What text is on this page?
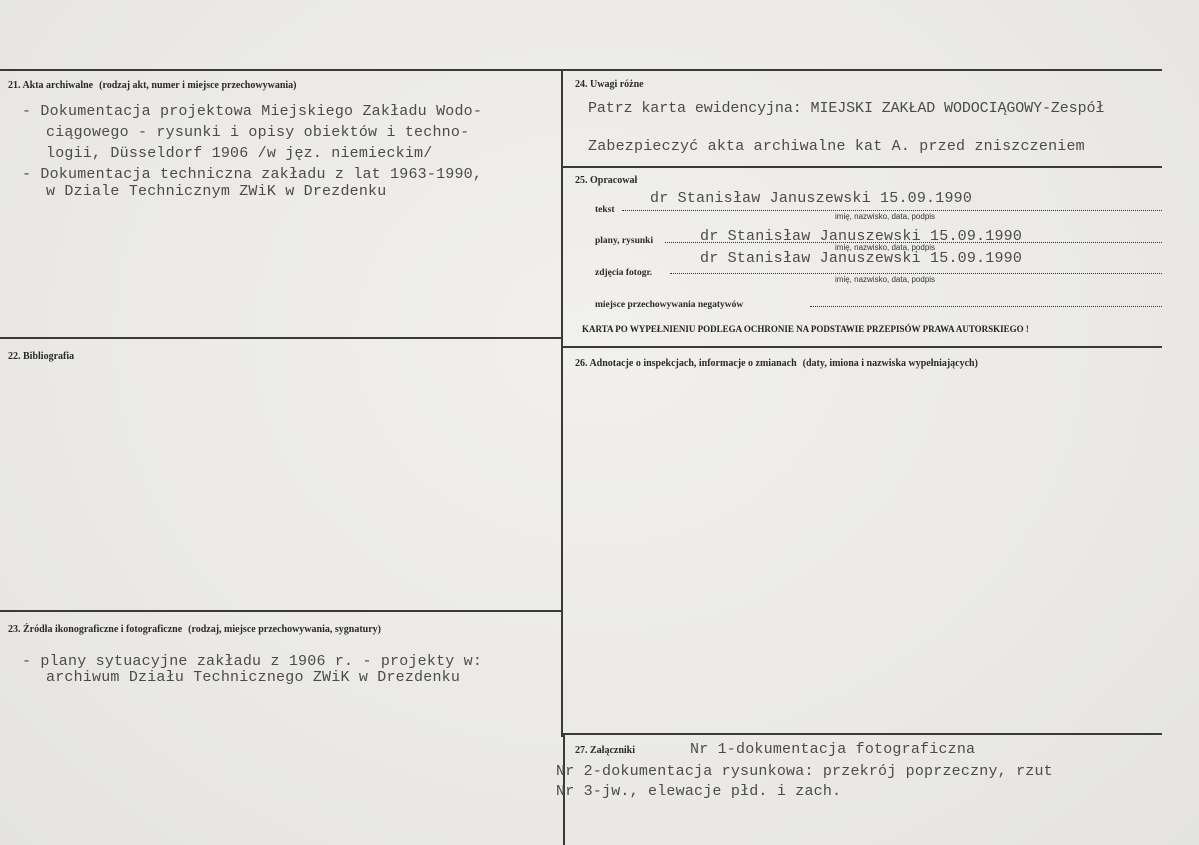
21. Akta archiwalne (rodzaj akt, numer i miejsce przechowywania)
- Dokumentacja projektowa Miejskiego Zakładu Wodo-
ciągowego - rysunki i opisy obiektów i techno-
logii, Düsseldorf 1906 /w jęz. niemieckim/
- Dokumentacja techniczna zakładu z lat 1963-1990,
w Dziale Technicznym ZWiK w Drezdenku
22. Bibliografia
23. Źródła ikonograficzne i fotograficzne (rodzaj, miejsce przechowywania, sygnatury)
- plany sytuacyjne zakładu z 1906 r. - projekty w:
archiwum Działu Technicznego ZWiK w Drezdenku
24. Uwagi różne
Patrz karta ewidencyjna: MIEJSKI ZAKŁAD WODOCIĄGOWY-Zespół
Zabezpieczyć akta archiwalne kat A. przed zniszczeniem
25. Opracował
tekst
dr Stanisław Januszewski 15.09.1990
imię, nazwisko, data, podpis
plany, rysunki	dr Stanisław Januszewski 15.09.1990
imię, nazwisko, data, podpis
dr Stanisław Januszewski 15.09.1990
zdjęcia fotogr.
imię, nazwisko, data, podpis
miejsce przechowywania negatywów
KARTA PO WYPEŁNIENIU PODLEGA OCHRONIE NA PODSTAWIE PRZEPISÓW PRAWA AUTORSKIEGO !
26. Adnotacje o inspekcjach, informacje o zmianach (daty, imiona i nazwiska wypełniających)
27. Załączniki	Nr 1-dokumentacja fotograficzna
Nr 2-dokumentacja rysunkowa: przekrój poprzeczny, rzut
Nr 3-jw., elewacje płd. i zach.
